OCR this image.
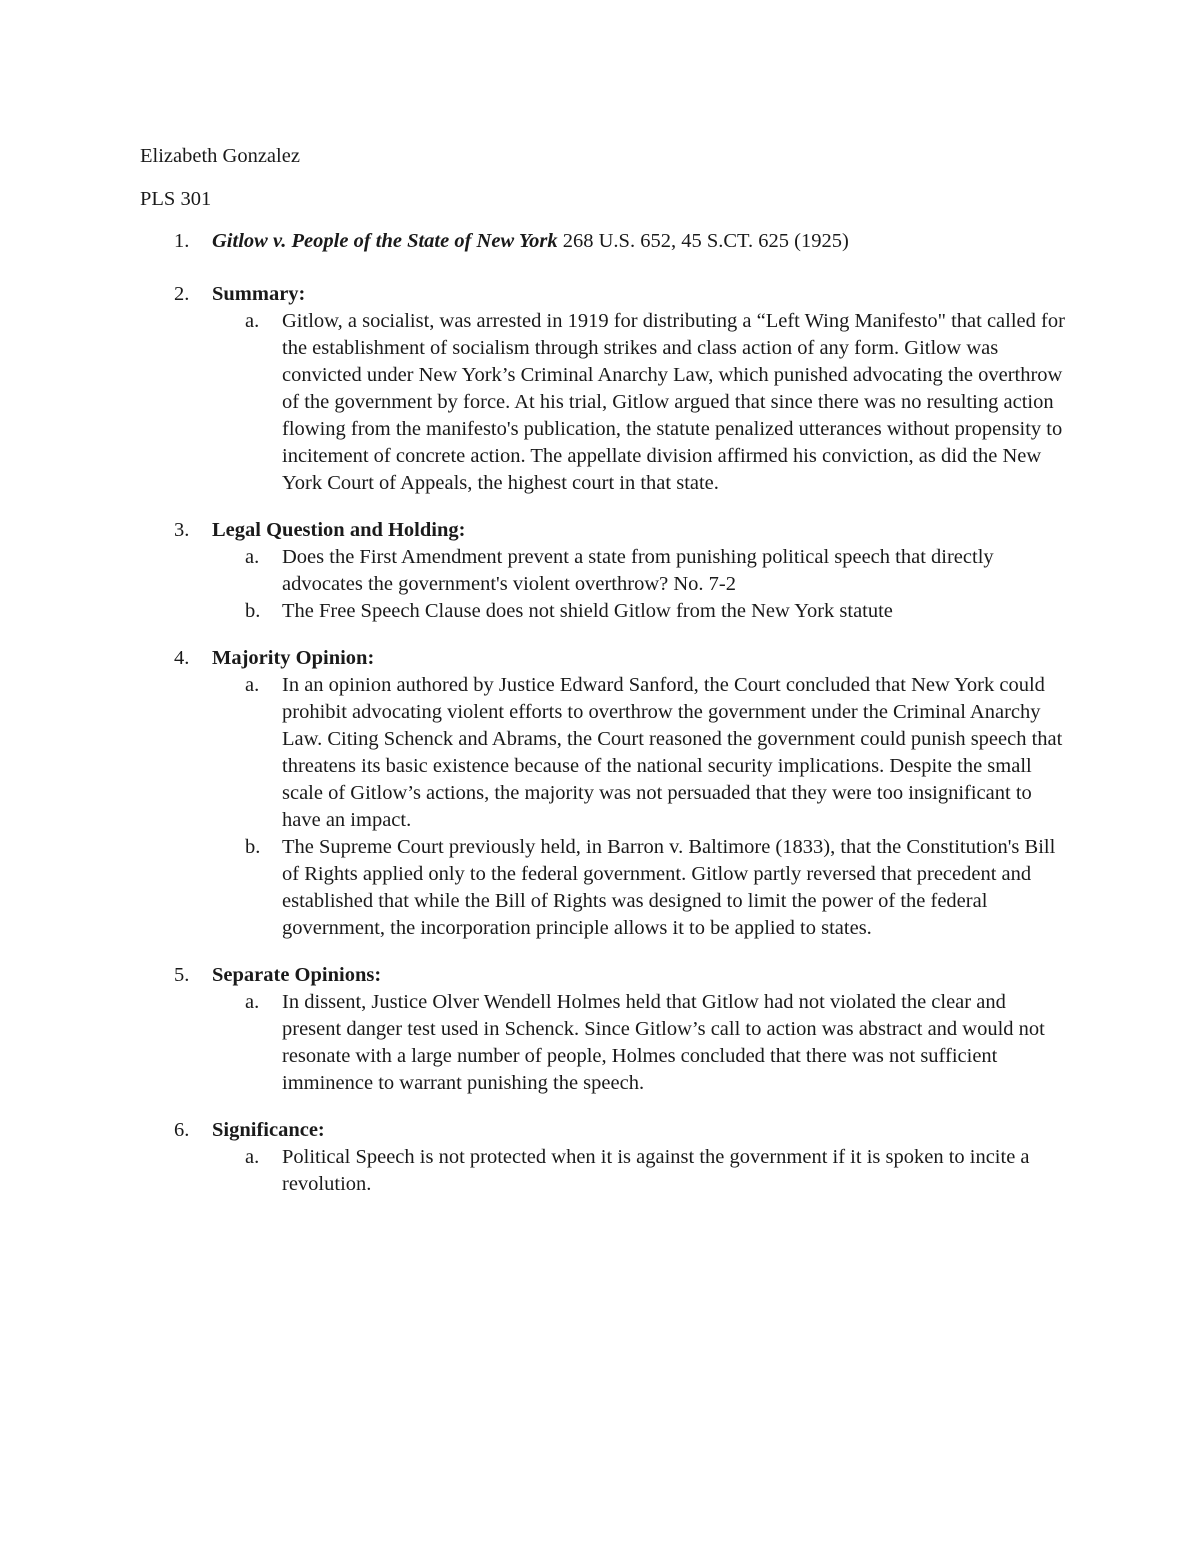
Elizabeth Gonzalez
PLS 301
1. Gitlow v. People of the State of New York 268 U.S. 652, 45 S.CT. 625 (1925)
2. Summary:
a. Gitlow, a socialist, was arrested in 1919 for distributing a “Left Wing Manifesto" that called for the establishment of socialism through strikes and class action of any form. Gitlow was convicted under New York’s Criminal Anarchy Law, which punished advocating the overthrow of the government by force. At his trial, Gitlow argued that since there was no resulting action flowing from the manifesto's publication, the statute penalized utterances without propensity to incitement of concrete action. The appellate division affirmed his conviction, as did the New York Court of Appeals, the highest court in that state.
3. Legal Question and Holding:
a. Does the First Amendment prevent a state from punishing political speech that directly advocates the government's violent overthrow? No. 7-2
b. The Free Speech Clause does not shield Gitlow from the New York statute
4. Majority Opinion:
a. In an opinion authored by Justice Edward Sanford, the Court concluded that New York could prohibit advocating violent efforts to overthrow the government under the Criminal Anarchy Law. Citing Schenck and Abrams, the Court reasoned the government could punish speech that threatens its basic existence because of the national security implications. Despite the small scale of Gitlow’s actions, the majority was not persuaded that they were too insignificant to have an impact.
b. The Supreme Court previously held, in Barron v. Baltimore (1833), that the Constitution's Bill of Rights applied only to the federal government. Gitlow partly reversed that precedent and established that while the Bill of Rights was designed to limit the power of the federal government, the incorporation principle allows it to be applied to states.
5. Separate Opinions:
a. In dissent, Justice Olver Wendell Holmes held that Gitlow had not violated the clear and present danger test used in Schenck. Since Gitlow’s call to action was abstract and would not resonate with a large number of people, Holmes concluded that there was not sufficient imminence to warrant punishing the speech.
6. Significance:
a. Political Speech is not protected when it is against the government if it is spoken to incite a revolution.
